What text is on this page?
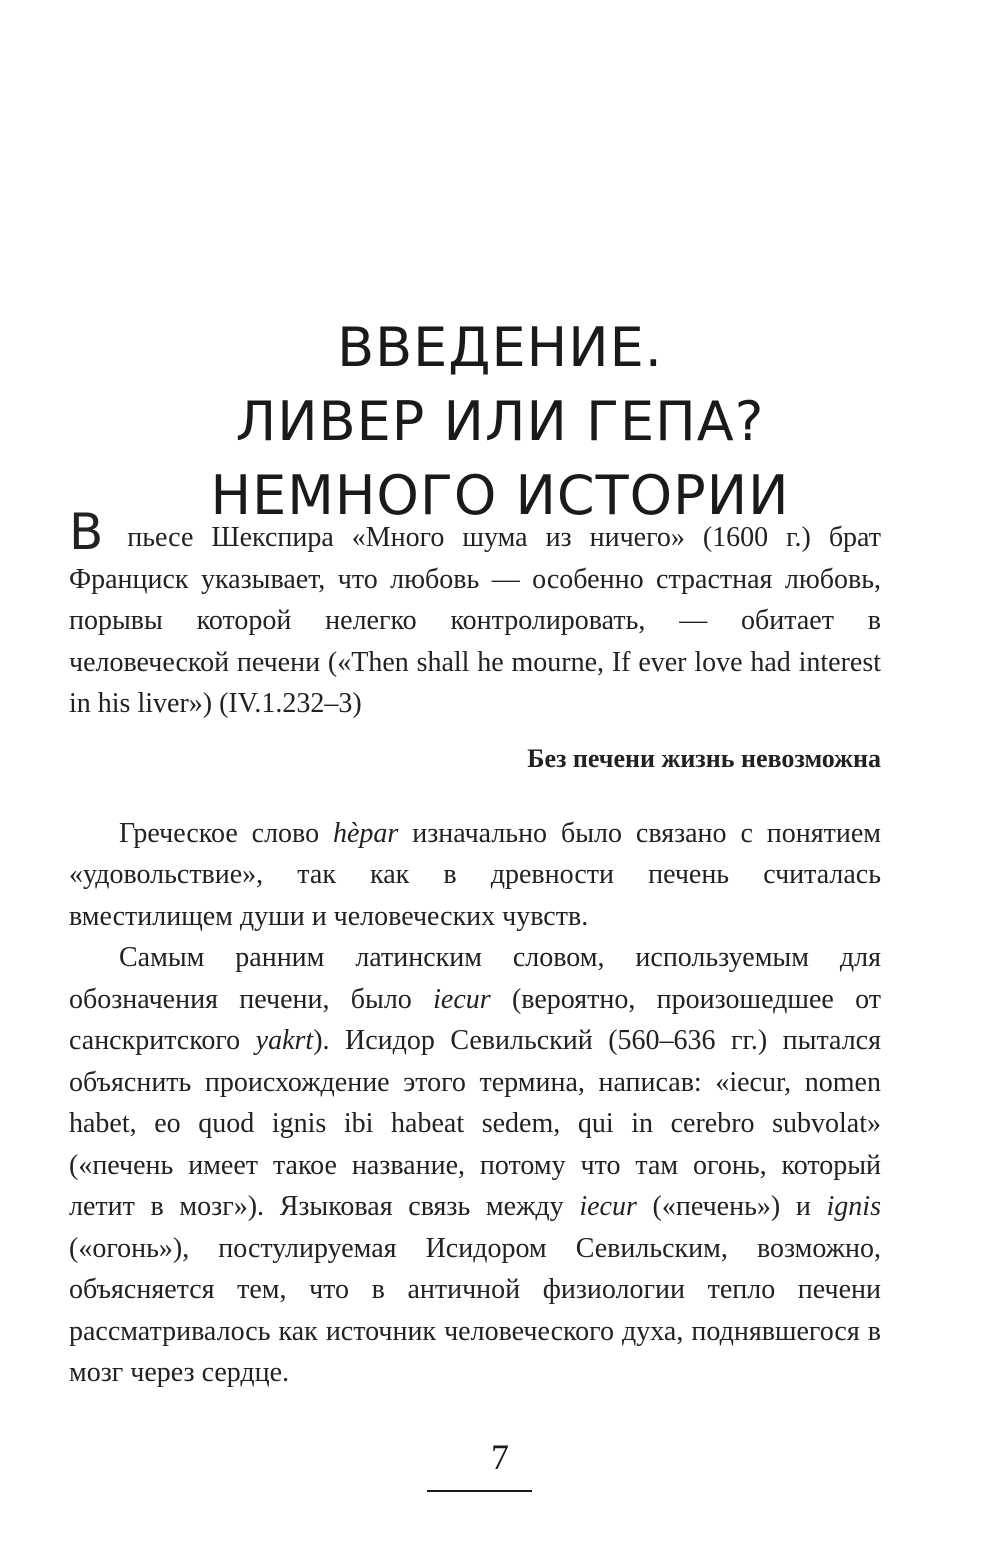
ВВЕДЕНИЕ.
ЛИВЕР ИЛИ ГЕПА?
НЕМНОГО ИСТОРИИ

В пьесе Шекспира «Много шума из ничего» (1600 г.) брат Франциск указывает, что любовь — особенно страстная любовь, порывы которой нелегко контролировать, — обитает в человеческой печени («Then shall he mourne, If ever love had interest in his liver») (IV.1.232–3)

Без печени жизнь невозможна

Греческое слово hèpar изначально было связано с понятием «удовольствие», так как в древности печень считалась вместилищем души и человеческих чувств.

Самым ранним латинским словом, используемым для обозначения печени, было iecur (вероятно, произошедшее от санскритского yakrt). Исидор Севильский (560–636 гг.) пытался объяснить происхождение этого термина, написав: «iecur, nomen habet, eo quod ignis ibi habeat sedem, qui in cerebro subvolat» («печень имеет такое название, потому что там огонь, который летит в мозг»). Языковая связь между iecur («печень») и ignis («огонь»), постулируемая Исидором Севильским, возможно, объясняется тем, что в античной физиологии тепло печени рассматривалось как источник человеческого духа, поднявшегося в мозг через сердце.

7
